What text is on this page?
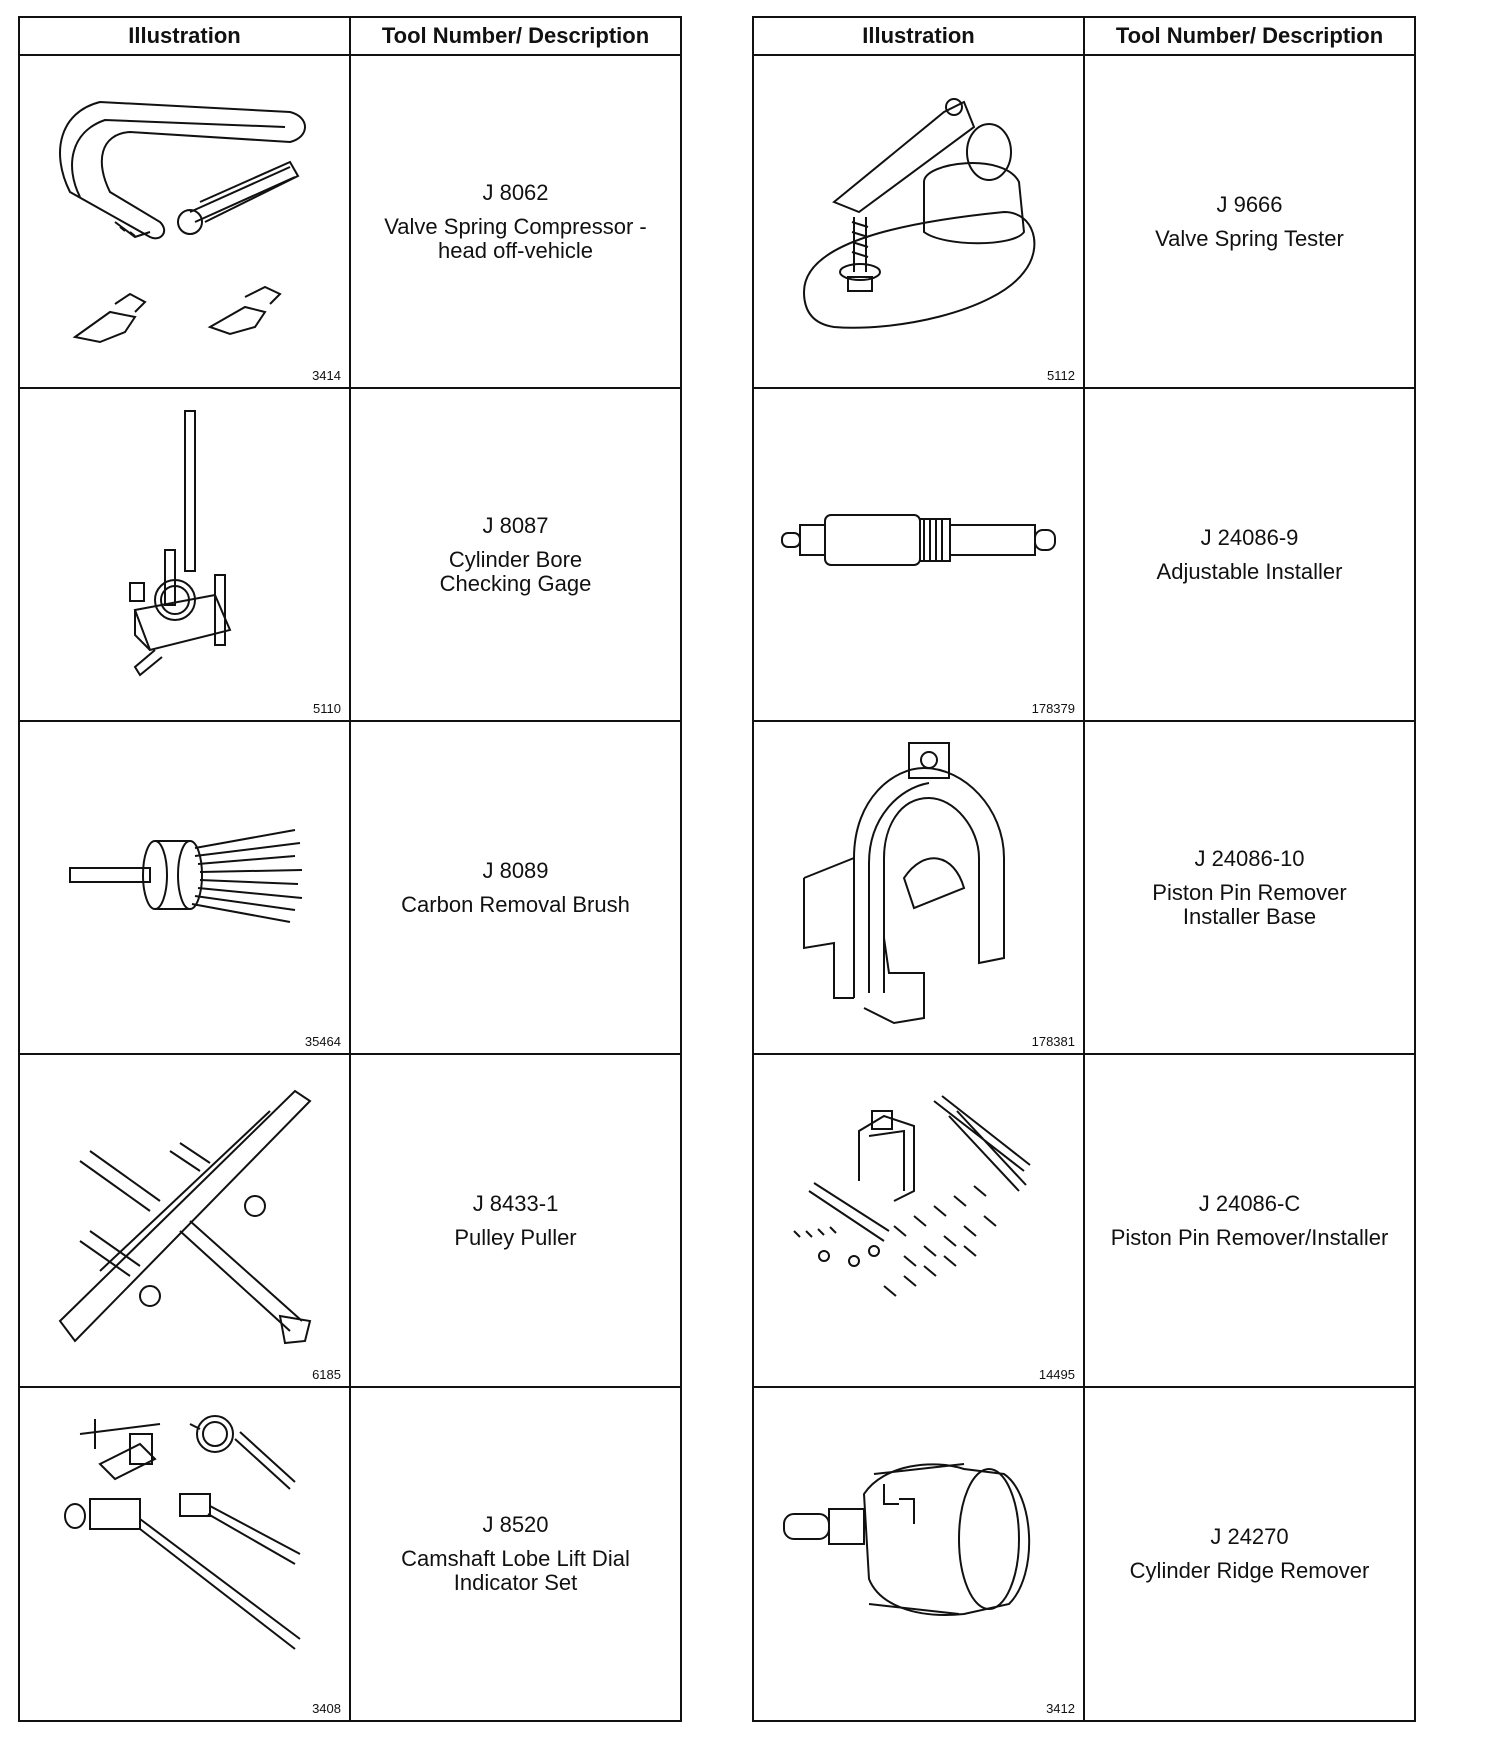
Illustration	Tool Number/ Description
3414
J 8062
Valve Spring Compressor -
head off-vehicle
5110
J 8087
Cylinder Bore
Checking Gage
35464
J 8089
Carbon Removal Brush
6185
J 8433-1
Pulley Puller
3408
J 8520
Camshaft Lobe Lift Dial
Indicator Set
Illustration	Tool Number/ Description
5112
J 9666
Valve Spring Tester
178379
J 24086-9
Adjustable Installer
178381
J 24086-10
Piston Pin Remover
Installer Base
14495
J 24086-C
Piston Pin Remover/Installer
3412
J 24270
Cylinder Ridge Remover
